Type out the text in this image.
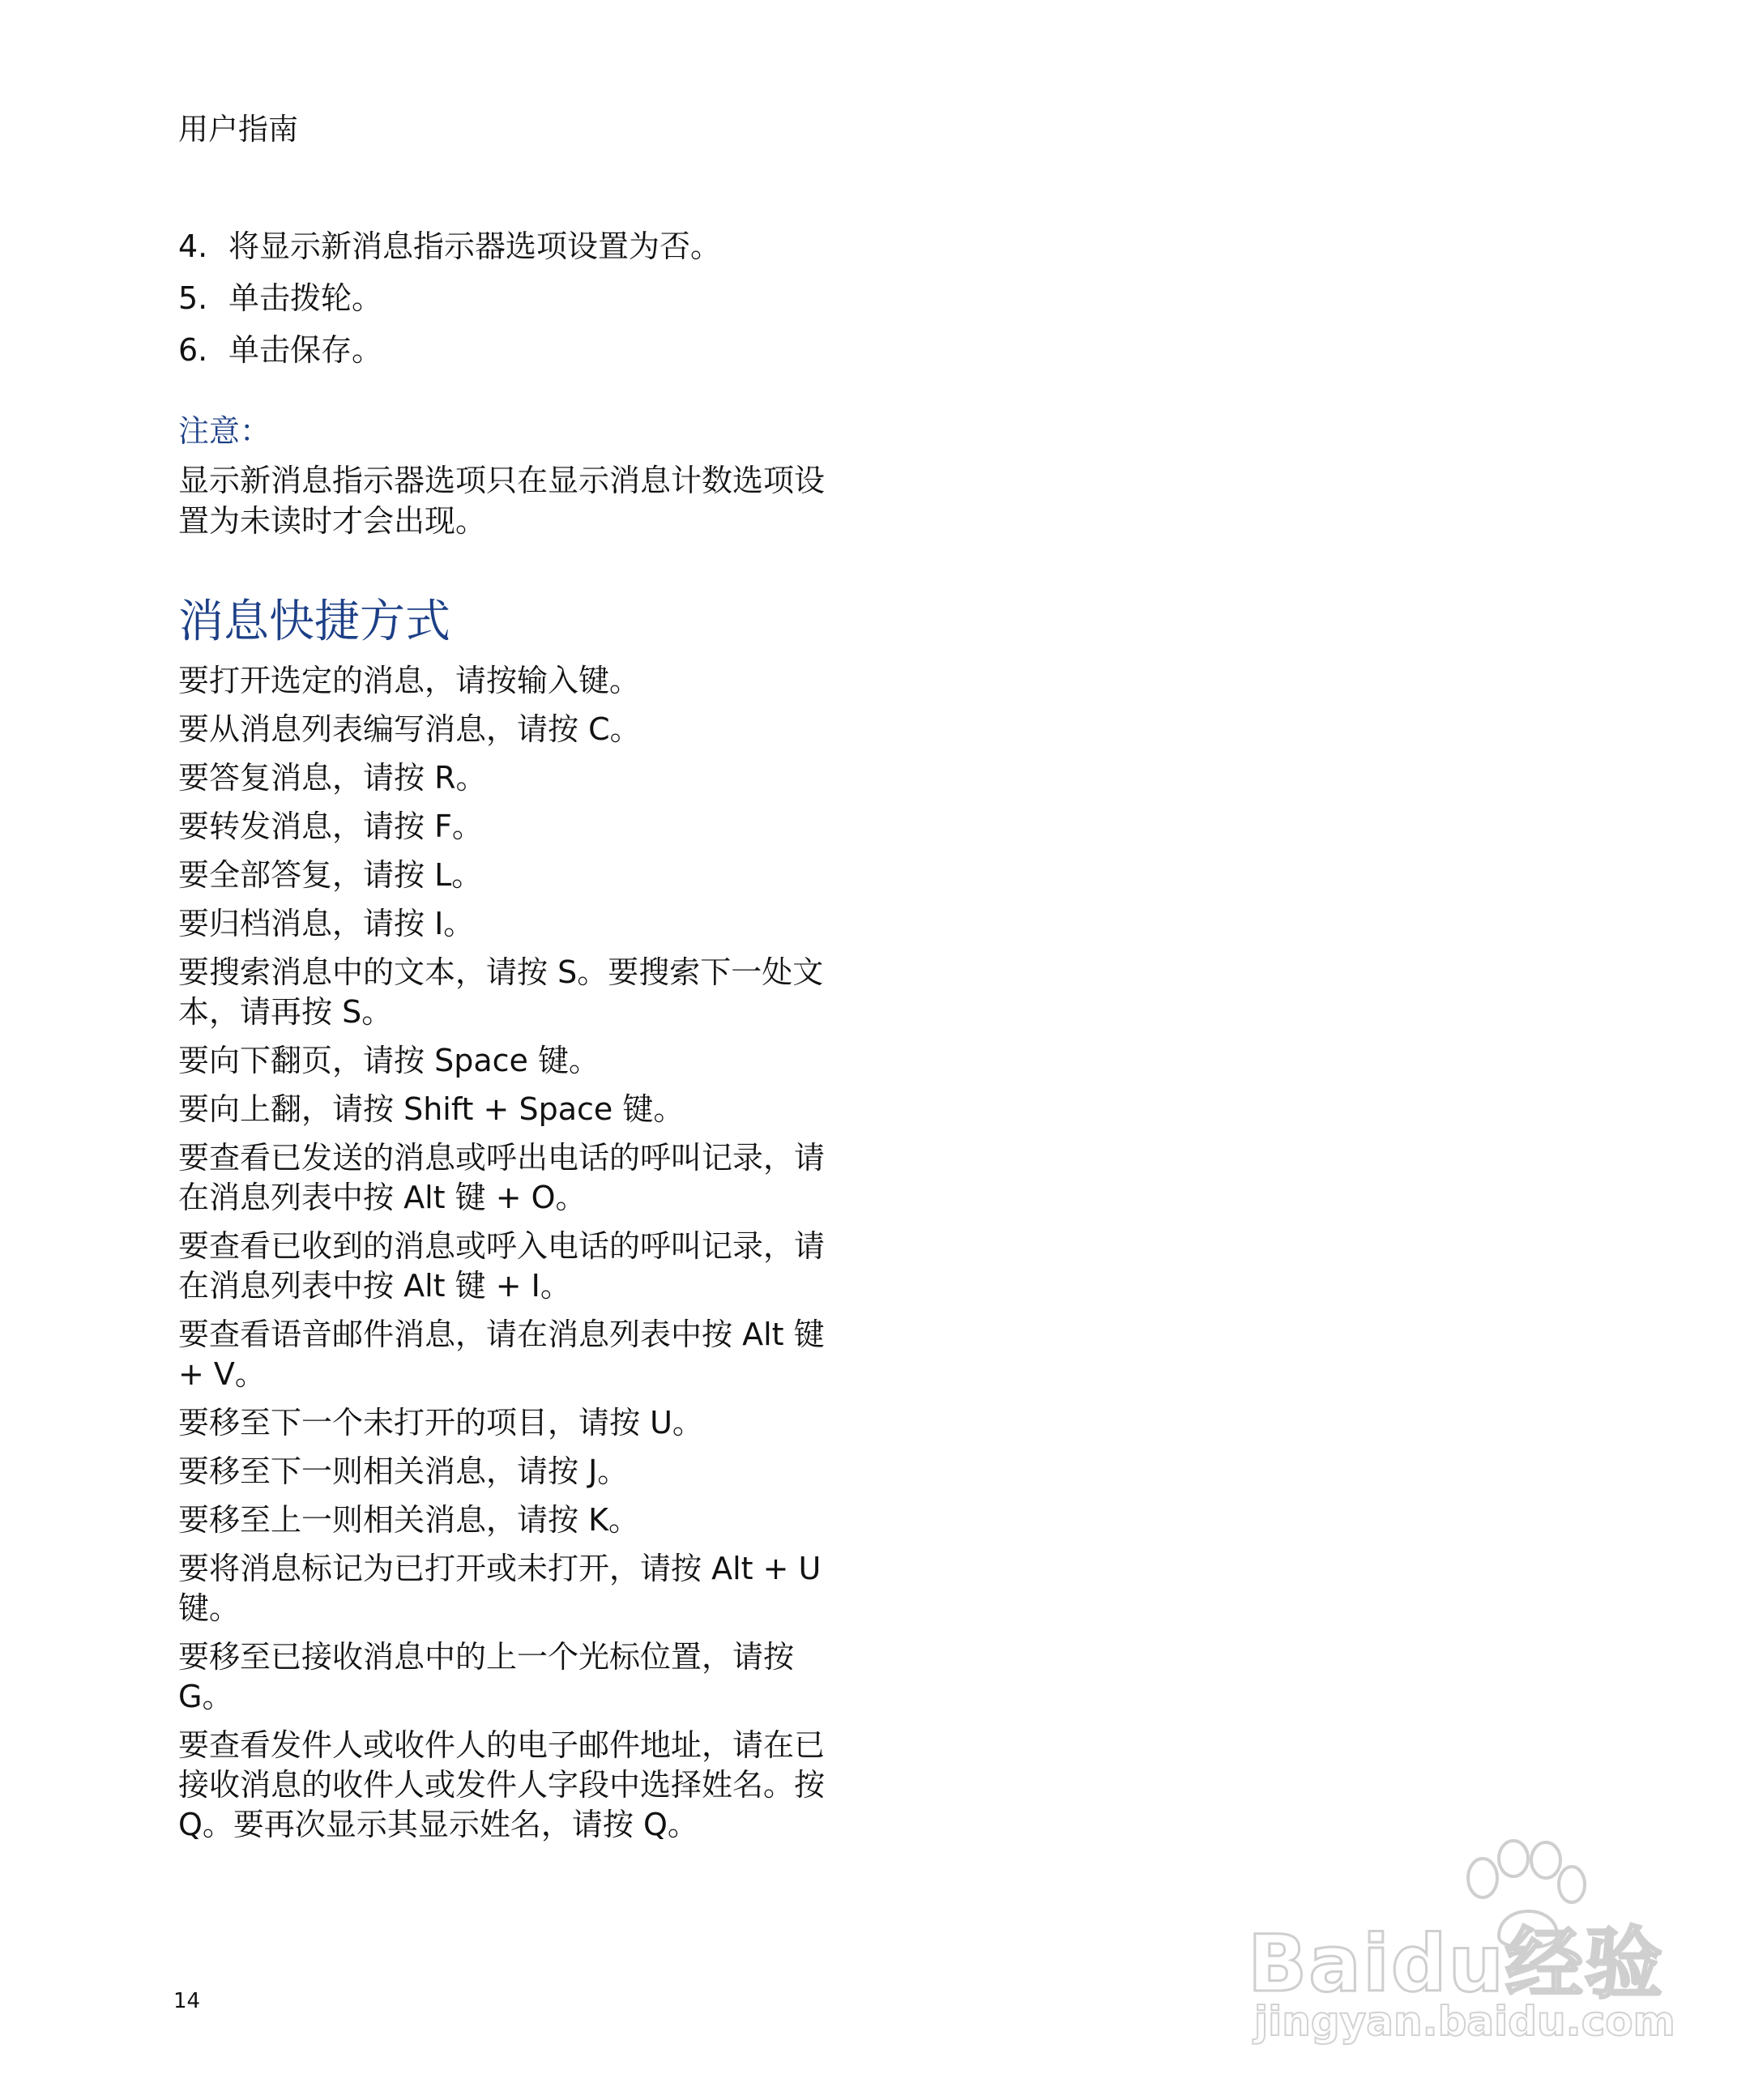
用户指南
4. 将显示新消息指示器选项设置为否。
5. 单击拨轮。
6. 单击保存。
注意：
显示新消息指示器选项只在显示消息计数选项设置为未读时才会出现。
消息快捷方式

要打开选定的消息，请按输入键。

要从消息列表编写消息，请按 C。

要答复消息，请按 R。

要转发消息，请按 F。

要全部答复，请按 L。

要归档消息，请按 I。

要搜索消息中的文本，请按 S。要搜索下一处文本，请再按 S。

要向下翻页，请按 Space 键。

要向上翻，请按 Shift + Space 键。

要查看已发送的消息或呼出电话的呼叫记录，请在消息列表中按 Alt 键 + O。

要查看已收到的消息或呼入电话的呼叫记录，请在消息列表中按 Alt 键 + I。

要查看语音邮件消息，请在消息列表中按 Alt 键 + V。

要移至下一个未打开的项目，请按 U。

要移至下一则相关消息，请按 J。

要移至上一则相关消息，请按 K。

要将消息标记为已打开或未打开，请按 Alt + U 键。

要移至已接收消息中的上一个光标位置，请按 G。

要查看发件人或收件人的电子邮件地址，请在已接收消息的收件人或发件人字段中选择姓名。按 Q。要再次显示其显示姓名，请按 Q。

14	Baidu经验
jingyan.baidu.com
